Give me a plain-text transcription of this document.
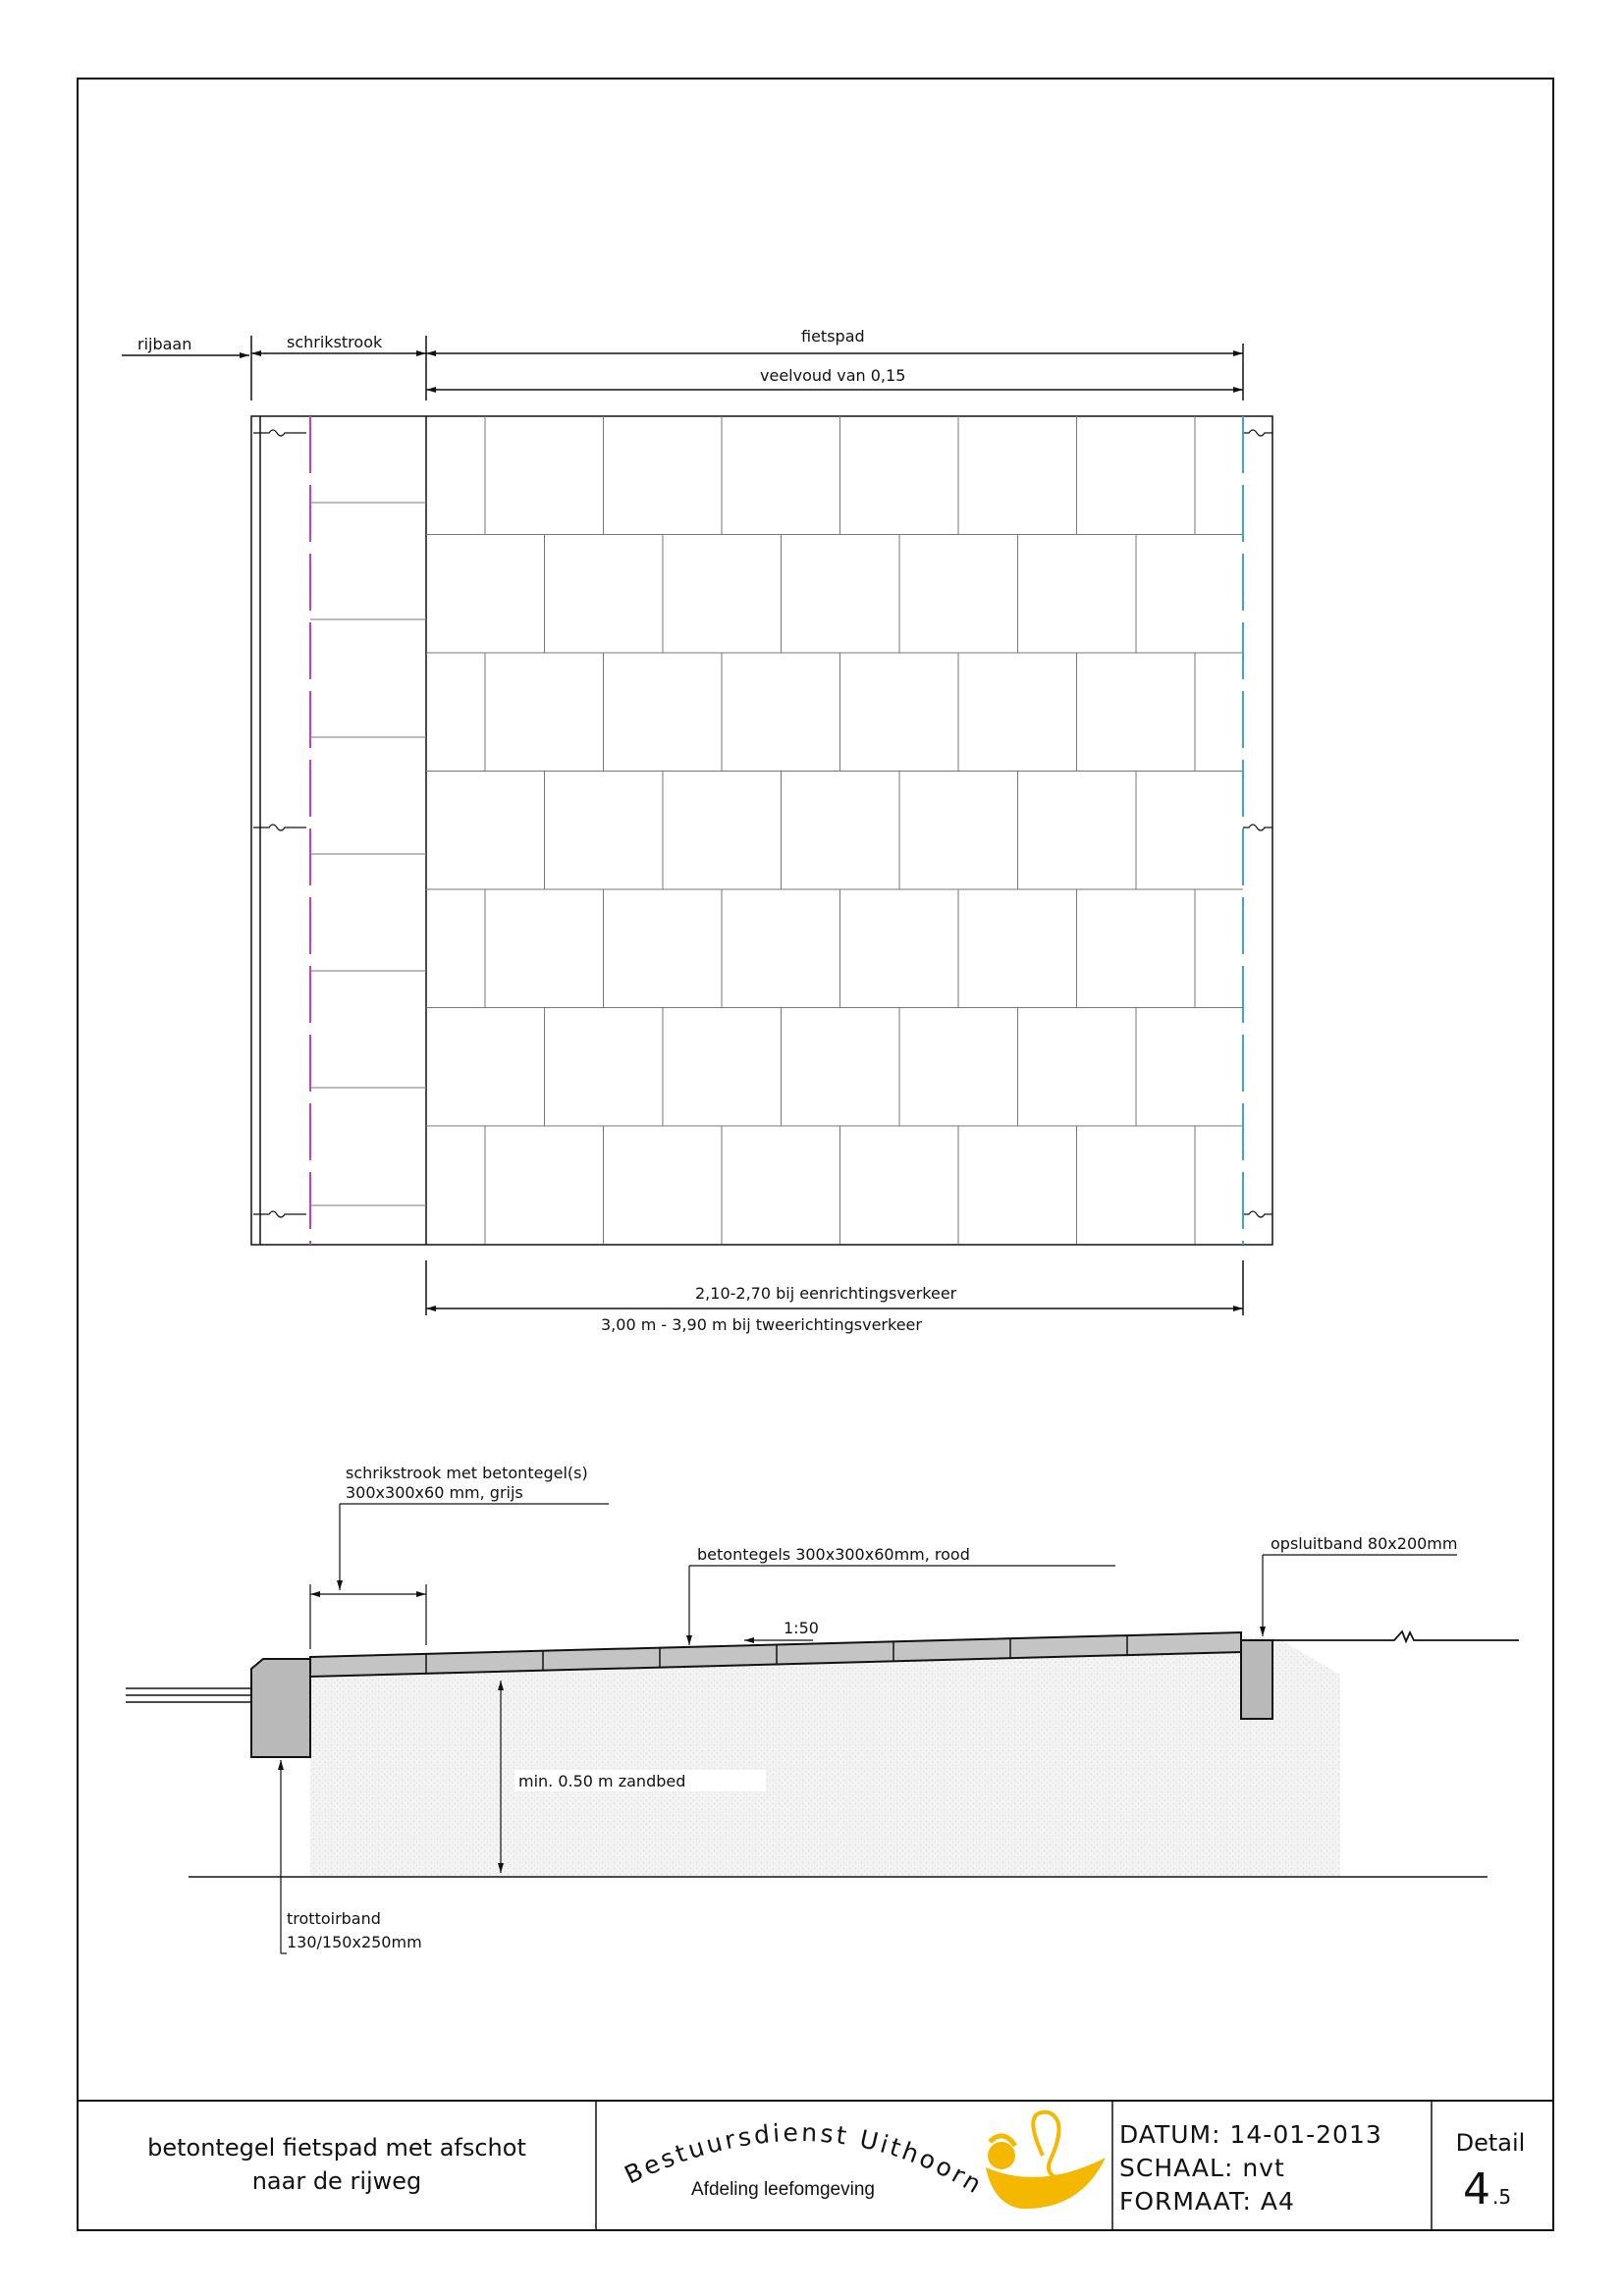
rijbaan	schrikstrook	fietspad
veelvoud van 0,15
2,10-2,70 bij eenrichtingsverkeer
3,00 m - 3,90 m bij tweerichtingsverkeer
schrikstrook met betontegel(s)
300x300x60 mm, grijs
betontegels 300x300x60mm, rood
1:50
opsluitband 80x200mm
min. 0.50 m zandbed
trottoirband
130/150x250mm
betontegel fietspad met afschot
naar de rijweg	Bestuursdienst Uithoorn
Afdeling leefomgeving
DATUM: 14-01-2013
SCHAAL: nvt
FORMAAT: A4
Detail
4 .5
